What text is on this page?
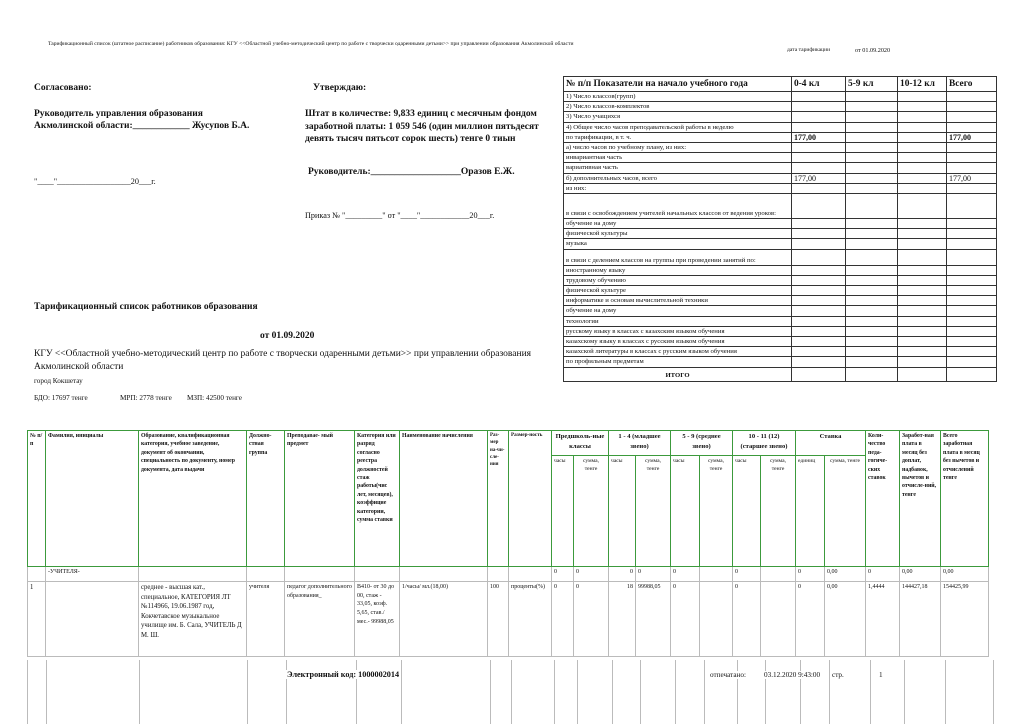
Тарификационный список (штатное расписание) работников образования: КГУ <<Областной учебно-методический центр по работе с творчески одаренными детьми>> при управлении образования Акмолинской области
дата тарификации	от 01.09.2020
Согласовано:
Руководитель управления образования
Акмолинской области:____________ Жусупов Б.А.
"____"__________________20___г.
Утверждаю:
Штат в количестве: 9,833 единиц с месячным фондом заработной платы: 1 059 546 (один миллион пятьдесят девять тысяч пятьсот сорок шесть) тенге 0 тиын
Руководитель:___________________Оразов Е.Ж.
Приказ № "_________" от "____"____________20___г.
Тарификационный список работников образования
от 01.09.2020
КГУ <<Областной учебно-методический центр по работе с творчески одаренными детьми>> при управлении образования Акмолинской области
город Кокшетау
БДО: 17697 тенге	МРП: 2778 тенге МЗП: 42500 тенге
№ п/п Показатели на начало учебного года	0-4 кл	5-9 кл	10-12 кл	Всего
1) Число классов(групп)				
2) Число классов-комплектов				
3) Число учащихся				
4) Общее число часов преподавательской работы в неделю				
по тарификации, в т. ч.	177,00			177,00
а) число часов по учебному плану, из них:				
инвариантная часть				
вариативная часть				
б) дополнительных часов, всего	177,00			177,00
из них:				
в связи с освобождением учителей начальных классов от ведения уроков:				
обучение на дому				
физической культуры				
музыка				
в связи с делением классов на группы при проведении занятий по:				
иностранному языку				
трудовому обучению				
физической культуре				
информатике и основам вычислительной техники				
обучение на дому				
технологии				
русскому языку в классах с казахским языком обучения				
казахскому языку в классах с русским языком обучения				
казахской литературы в классах с русским языком обучения				
по профильным предметам				
ИТОГО				
№ п/п	Фамилия, инициалы	Образование, квалификационная категория, учебное заведение, документ об окончании, специальность по документу, номер документа, дата выдачи	Должно-стная группа	Преподавае- мый предмет	Категория или разряд согласно реестра должностей стаж работы(чис лет, месяцев), коэффицие категории, сумма ставки	Наименование начисления	Раз-мер на-чи-сле-ния	Размер-ность	Предшколь-ные классы		1 - 4 (младшее звено)		5 - 9 (среднее звено)		10 - 11 (12) (старшее звено)		Ставка		Коли-чество педа-гогиче-ских ставок	Заработ-ная плата в месяц без доплат, надбавок, вычетов и отчисле-ний, тенге	Всего заработная плата в месяц без вычетов и отчислений тенге
									часы	сумма, тенге	часы	сумма, тенге	часы	сумма, тенге	часы	сумма, тенге	единиц	сумма, тенге			
	-УЧИТЕЛЯ-								0	0	0	0	0		0		0	0,00	0	0,00	0,00
1		среднее - высшая кат., специальное, КАТЕГОРИЯ ЛТ №114966, 19.06.1987 год, Кокчетавское музыкальное училище им. Б. Сала, УЧИТЕЛЬ Д М. Ш.	учителя	педагог дополнительного образования_	B410- от 30 до 00, стаж - 33,05, коэф. 5,65, став./мес.- 99988,05	1/часы/ мл.(18,00)	100	проценты(%)	0	0	18	99988,05	0		0		0	0,00	1,4444	144427,18	154425,99
Электронный код: 1000002014	отпечатано:	03.12.2020 9:43:00 стр.	1
